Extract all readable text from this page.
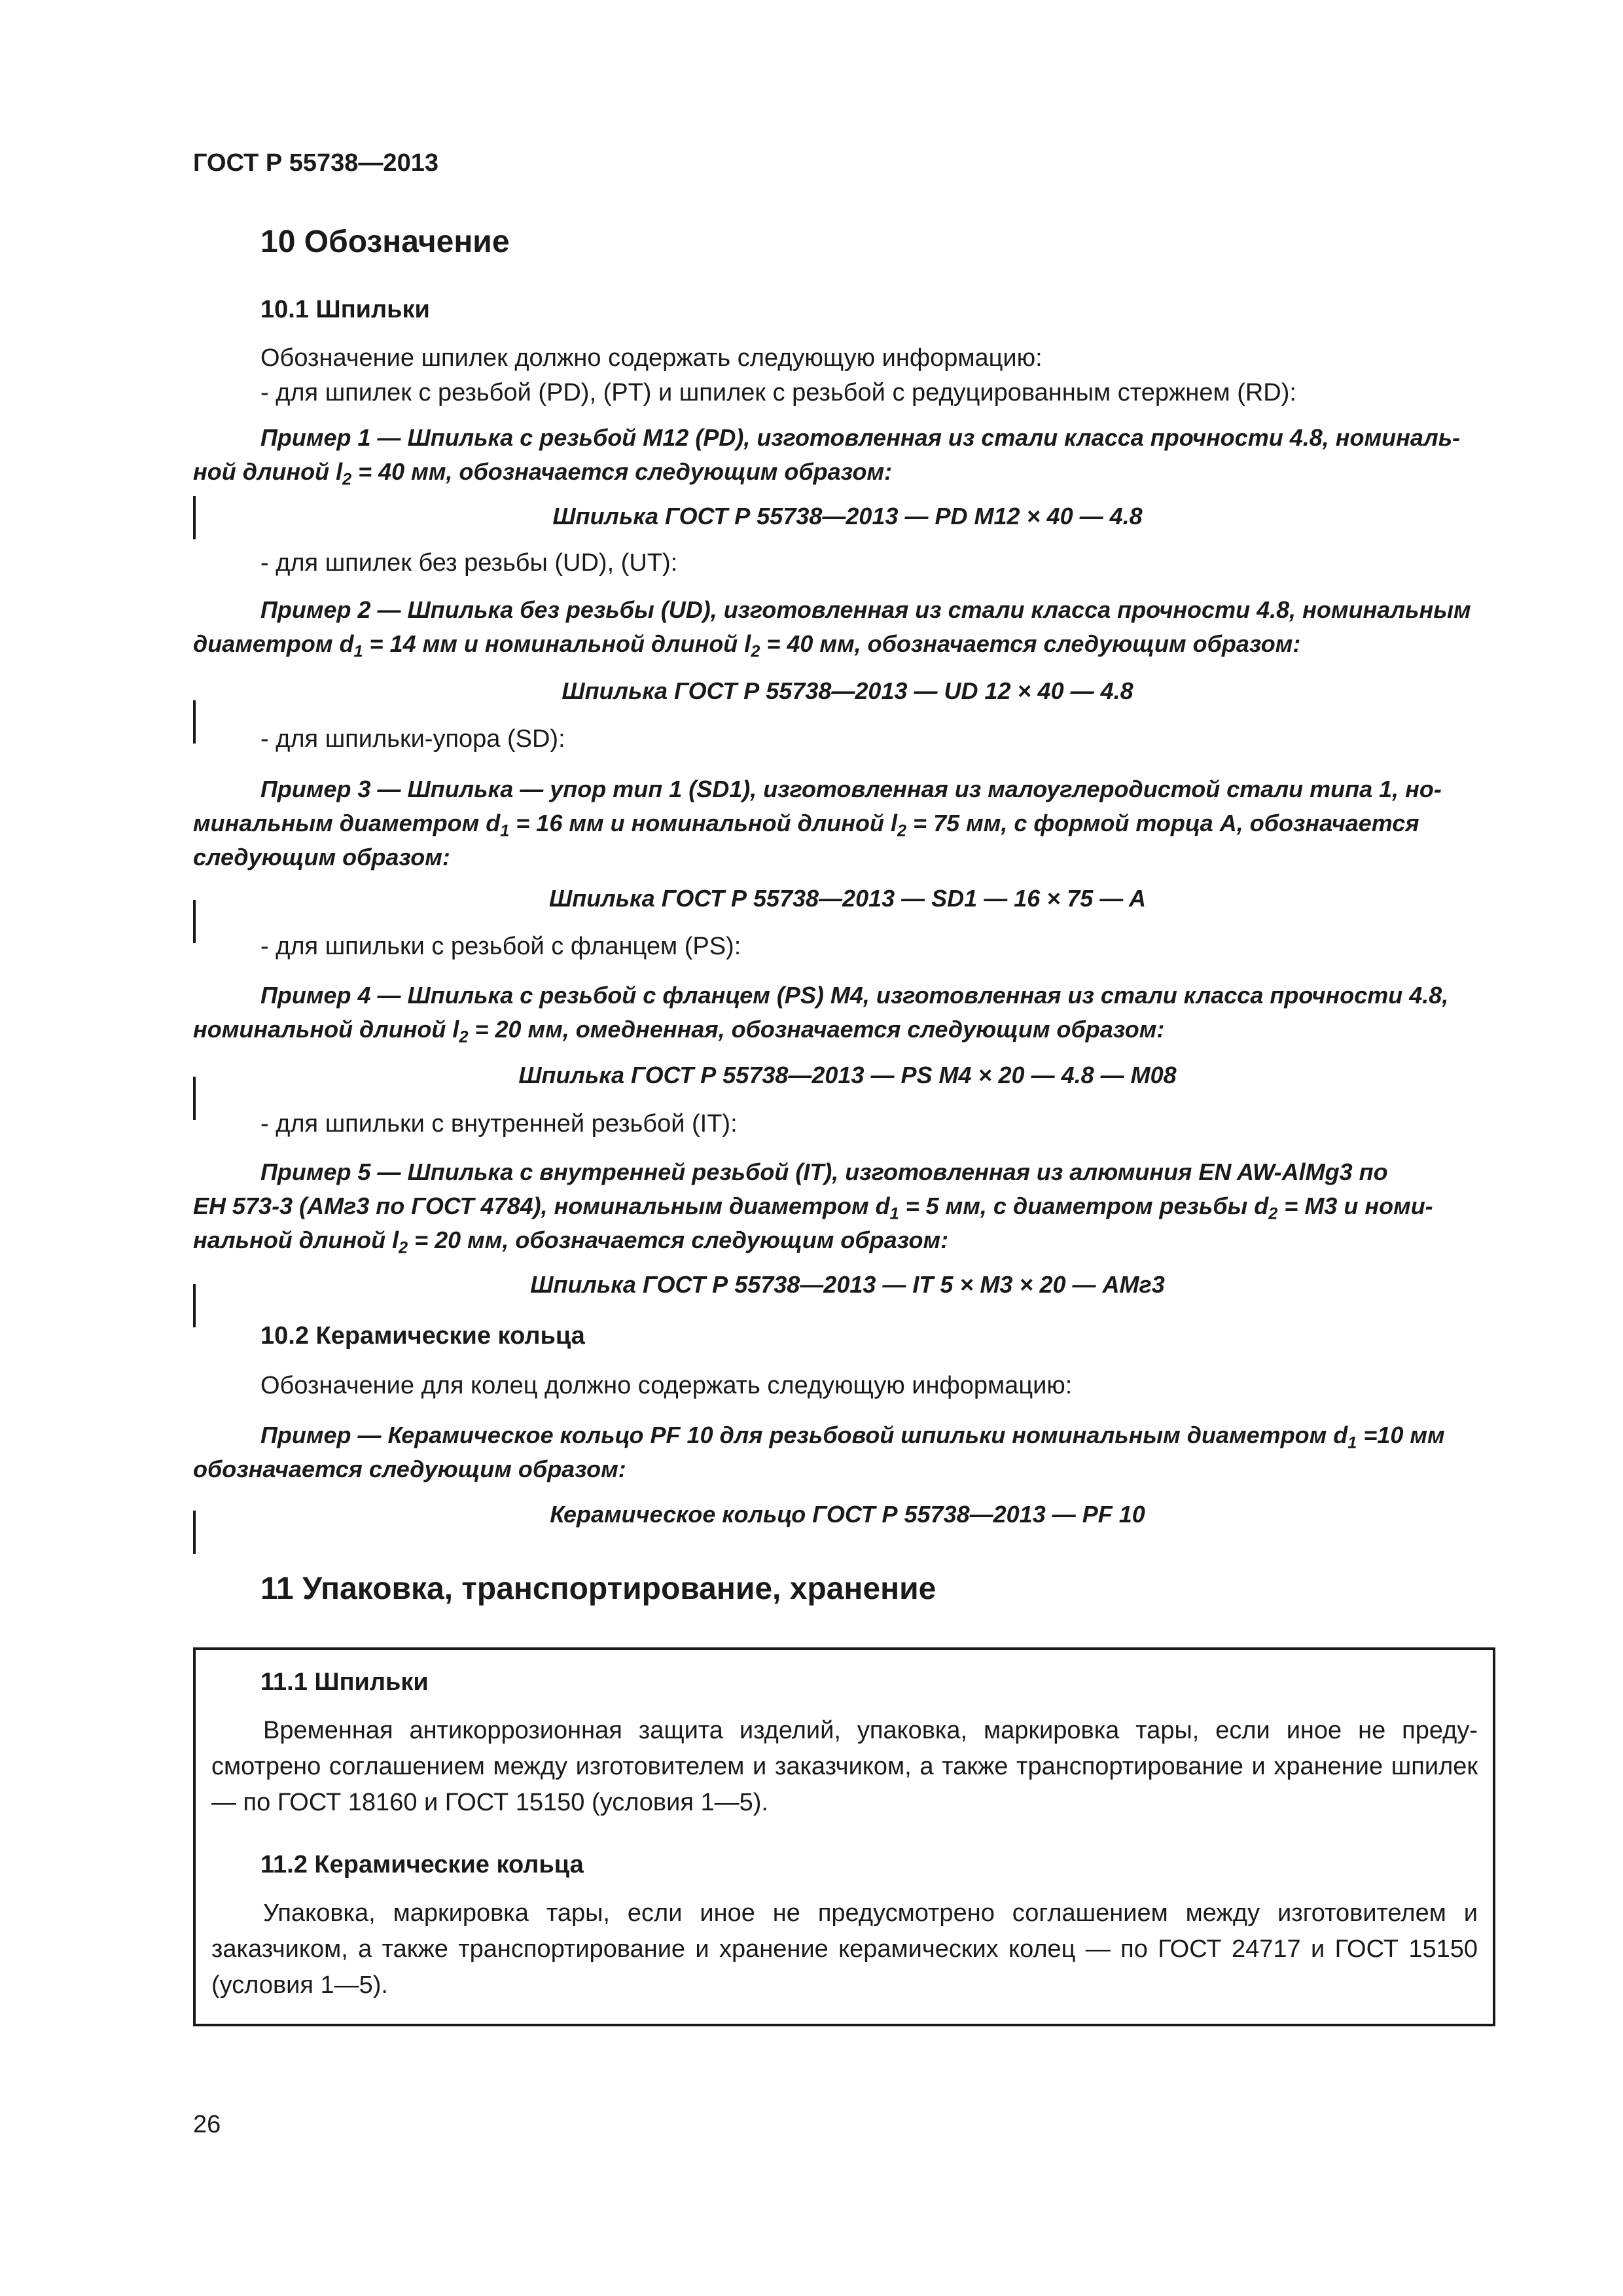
ГОСТ Р 55738—2013
10 Обозначение
10.1 Шпильки
Обозначение шпилек должно содержать следующую информацию:
- для шпилек с резьбой (PD), (PT) и шпилек с резьбой с редуцированным стержнем (RD):
Пример 1 — Шпилька с резьбой М12 (PD), изготовленная из стали класса прочности 4.8, номиналь-
ной длиной $l_2 = 40$ мм, обозначается следующим образом:
Шпилька ГОСТ Р 55738—2013 — PD M12 × 40 — 4.8
- для шпилек без резьбы (UD), (UT):
Пример 2 — Шпилька без резьбы (UD), изготовленная из стали класса прочности 4.8, номинальным
диаметром $d_1 = 14$ мм и номинальной длиной $l_2 = 40$ мм, обозначается следующим образом:
Шпилька ГОСТ Р 55738—2013 — UD 12 × 40 — 4.8
- для шпильки-упора (SD):
Пример 3 — Шпилька — упор тип 1 (SD1), изготовленная из малоуглеродистой стали типа 1, но-
минальным диаметром $d_1 = 16$ мм и номинальной длиной $l_2 = 75$ мм, с формой торца А, обозначается
следующим образом:
Шпилька ГОСТ Р 55738—2013 — SD1 — 16 × 75 — A
- для шпильки с резьбой с фланцем (PS):
Пример 4 — Шпилька с резьбой с фланцем (PS) M4, изготовленная из стали класса прочности 4.8,
номинальной длиной $l_2 = 20$ мм, омедненная, обозначается следующим образом:
Шпилька ГОСТ Р 55738—2013 — PS M4 × 20 — 4.8 — M08
- для шпильки с внутренней резьбой (IT):
Пример 5 — Шпилька с внутренней резьбой (IT), изготовленная из алюминия EN AW-AlMg3 по
ЕН 573-3 (АМг3 по ГОСТ 4784), номинальным диаметром $d_1 = 5$ мм, с диаметром резьбы $d_2 = M3$ и номи-
нальной длиной $l_2 = 20$ мм, обозначается следующим образом:
Шпилька ГОСТ Р 55738—2013 — IT 5 × M3 × 20 — АМг3
10.2 Керамические кольца
Обозначение для колец должно содержать следующую информацию:
Пример — Керамическое кольцо PF 10 для резьбовой шпильки номинальным диаметром $d_1 =10$ мм
обозначается следующим образом:
Керамическое кольцо ГОСТ Р 55738—2013 — PF 10
11 Упаковка, транспортирование, хранение
11.1 Шпильки
Временная антикоррозионная защита изделий, упаковка, маркировка тары, если иное не преду-смотрено соглашением между изготовителем и заказчиком, а также транспортирование и хранение шпилек — по ГОСТ 18160 и ГОСТ 15150 (условия 1—5).
11.2 Керамические кольца
Упаковка, маркировка тары, если иное не предусмотрено соглашением между изготовителем и заказчиком, а также транспортирование и хранение керамических колец — по ГОСТ 24717 и ГОСТ 15150 (условия 1—5).
26
